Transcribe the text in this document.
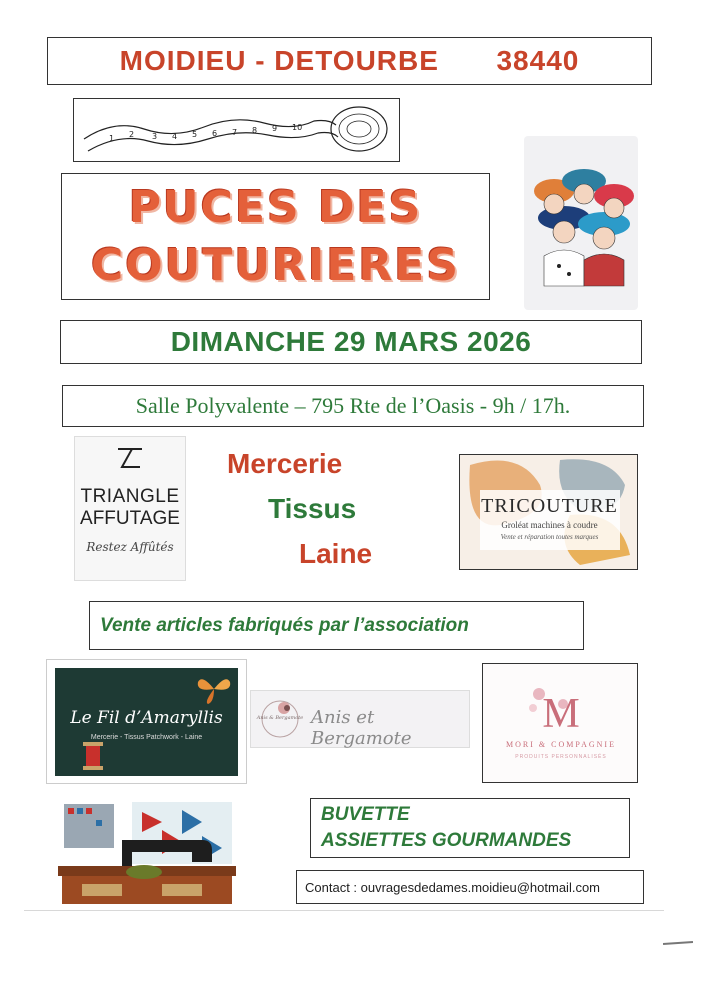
MOIDIEU - DETOURBE 38440
1 2 3 4 5 6 7 8 9 10
PUCES DES
COUTURIERES
DIMANCHE 29 MARS 2026
Salle Polyvalente – 795 Rte de l’Oasis - 9h / 17h.
TRIANGLE
AFFUTAGE
Restez Affûtés
Mercerie
Tissus
Laine
TRICOUTURE
Groléat machines à coudre
Vente et réparation toutes marques
Vente articles fabriqués par l’association
Le Fil d’Amaryllis
Mercerie - Tissus Patchwork - Laine
Anis & Bergamote Anis et Bergamote
M
MORI & COMPAGNIE
PRODUITS PERSONNALISÉS
BUVETTE
ASSIETTES GOURMANDES
Contact : ouvragesdedames.moidieu@hotmail.com
